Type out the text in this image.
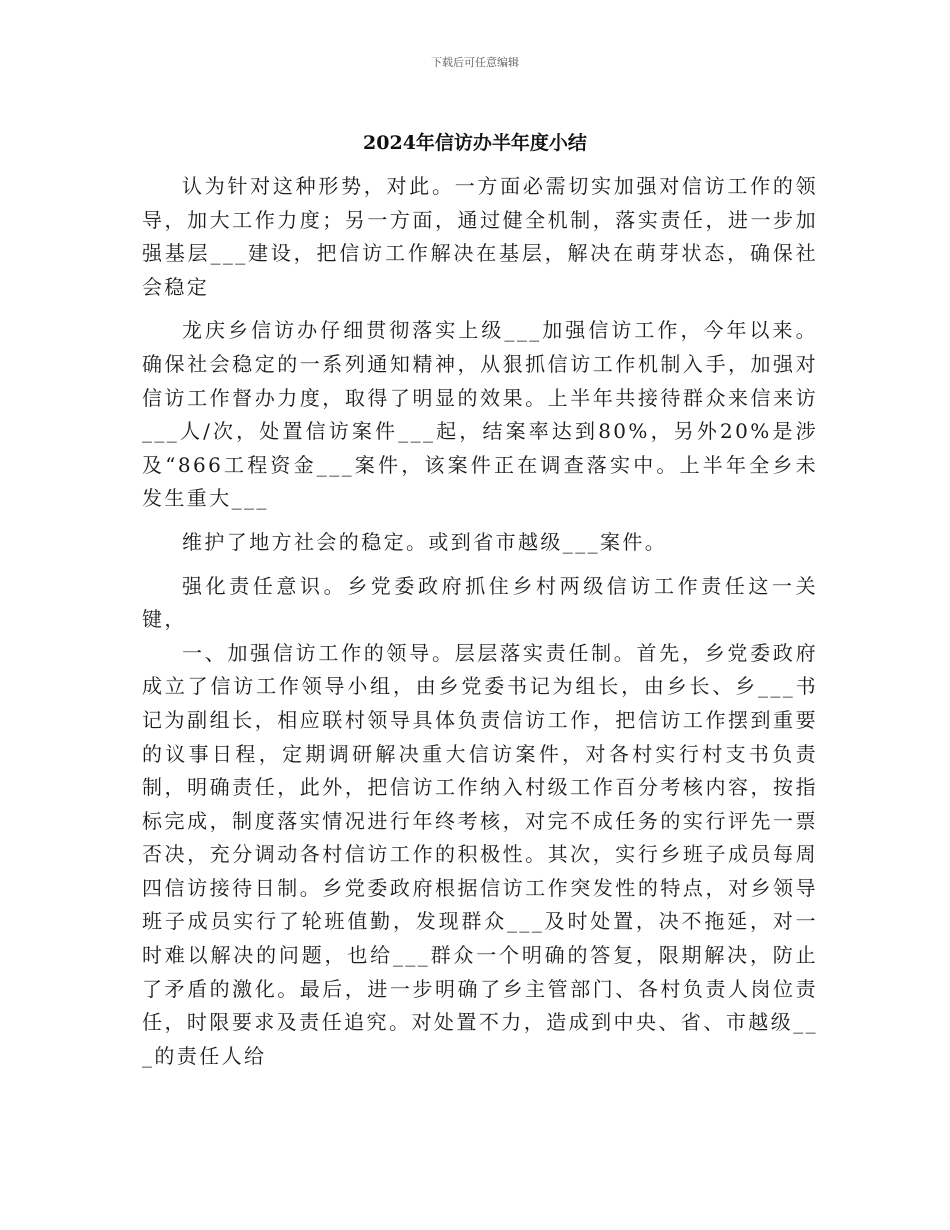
下载后可任意编辑
2024年信访办半年度小结

认为针对这种形势，对此。一方面必需切实加强对信访工作的领导，加大工作力度；另一方面，通过健全机制，落实责任，进一步加强基层___建设，把信访工作解决在基层，解决在萌芽状态，确保社会稳定

龙庆乡信访办仔细贯彻落实上级___加强信访工作，今年以来。确保社会稳定的一系列通知精神，从狠抓信访工作机制入手，加强对信访工作督办力度，取得了明显的效果。上半年共接待群众来信来访___人/次，处置信访案件___起，结案率达到80%，另外20%是涉及“866工程资金___案件，该案件正在调查落实中。上半年全乡未发生重大___

维护了地方社会的稳定。或到省市越级___案件。

强化责任意识。乡党委政府抓住乡村两级信访工作责任这一关键，

一、加强信访工作的领导。层层落实责任制。首先，乡党委政府成立了信访工作领导小组，由乡党委书记为组长，由乡长、乡___书记为副组长，相应联村领导具体负责信访工作，把信访工作摆到重要的议事日程，定期调研解决重大信访案件，对各村实行村支书负责制，明确责任，此外，把信访工作纳入村级工作百分考核内容，按指标完成，制度落实情况进行年终考核，对完不成任务的实行评先一票否决，充分调动各村信访工作的积极性。其次，实行乡班子成员每周四信访接待日制。乡党委政府根据信访工作突发性的特点，对乡领导班子成员实行了轮班值勤，发现群众___及时处置，决不拖延，对一时难以解决的问题，也给___群众一个明确的答复，限期解决，防止了矛盾的激化。最后，进一步明确了乡主管部门、各村负责人岗位责任，时限要求及责任追究。对处置不力，造成到中央、省、市越级___的责任人给
